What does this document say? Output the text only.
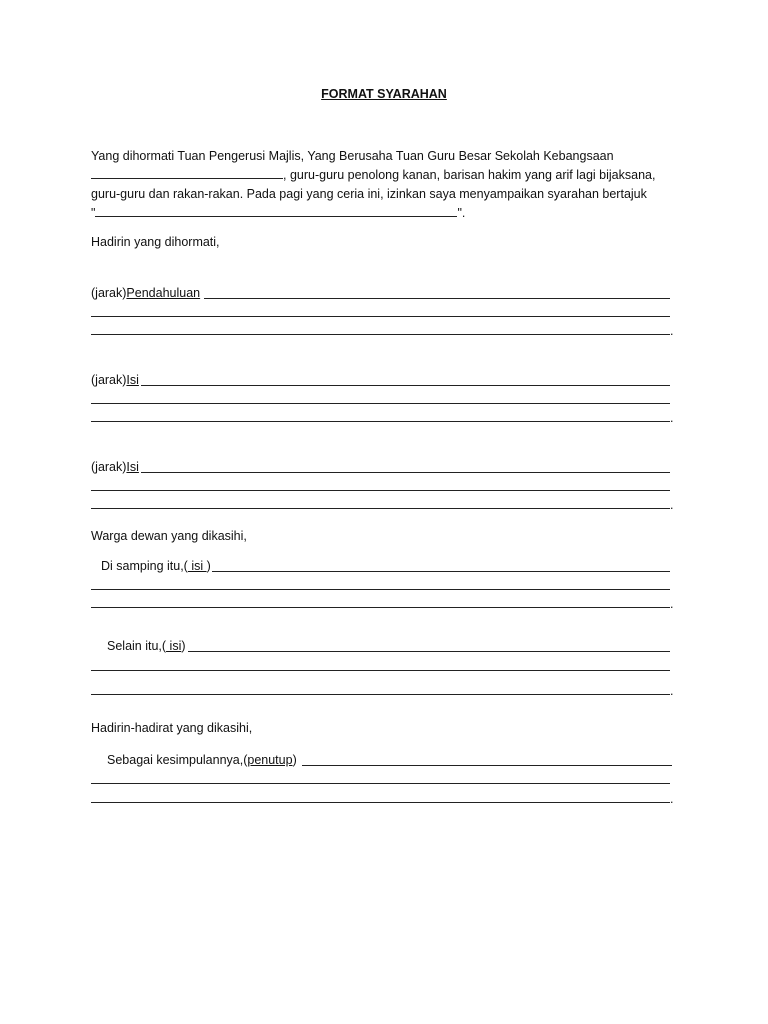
FORMAT SYARAHAN
Yang dihormati Tuan Pengerusi Majlis, Yang Berusaha Tuan Guru Besar Sekolah Kebangsaan
, guru-guru penolong kanan, barisan hakim yang arif lagi bijaksana,
guru-guru dan rakan-rakan. Pada pagi yang ceria ini, izinkan saya menyampaikan syarahan bertajuk
"	".
Hadirin yang dihormati,
(jarak)Pendahuluan
.
(jarak)Isi
.
(jarak)Isi
.
Warga dewan yang dikasihi,
Di samping itu,( isi )
.
Selain itu,( isi)
.
Hadirin-hadirat yang dikasihi,
Sebagai kesimpulannya,(penutup)
.
